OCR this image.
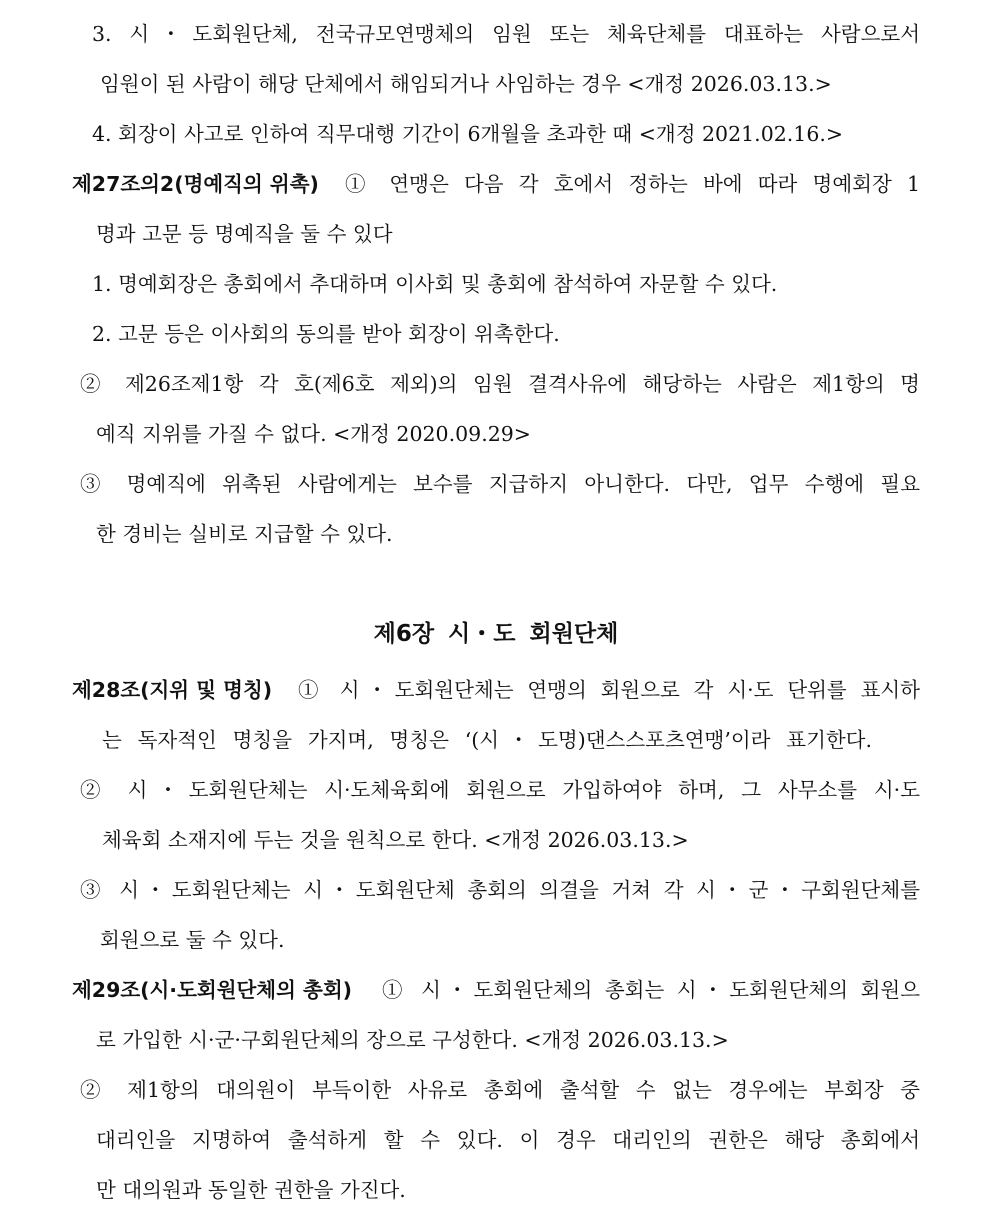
3. 시・도회원단체, 전국규모연맹체의 임원 또는 체육단체를 대표하는 사람으로서
임원이 된 사람이 해당 단체에서 해임되거나 사임하는 경우 <개정 2026.03.13.>
4. 회장이 사고로 인하여 직무대행 기간이 6개월을 초과한 때 <개정 2021.02.16.>
제27조의2(명예직의 위촉) ① 연맹은 다음 각 호에서 정하는 바에 따라 명예회장 1
명과 고문 등 명예직을 둘 수 있다
1. 명예회장은 총회에서 추대하며 이사회 및 총회에 참석하여 자문할 수 있다.
2. 고문 등은 이사회의 동의를 받아 회장이 위촉한다.
② 제26조제1항 각 호(제6호 제외)의 임원 결격사유에 해당하는 사람은 제1항의 명
예직 지위를 가질 수 없다. <개정 2020.09.29>
③ 명예직에 위촉된 사람에게는 보수를 지급하지 아니한다. 다만, 업무 수행에 필요
한 경비는 실비로 지급할 수 있다.
제6장 시・도 회원단체
제28조(지위 및 명칭) ① 시・도회원단체는 연맹의 회원으로 각 시·도 단위를 표시하
는 독자적인 명칭을 가지며, 명칭은 ‘(시・도명)댄스스포츠연맹’이라 표기한다.
② 시・도회원단체는 시·도체육회에 회원으로 가입하여야 하며, 그 사무소를 시·도
체육회 소재지에 두는 것을 원칙으로 한다. <개정 2026.03.13.>
③ 시・도회원단체는 시・도회원단체 총회의 의결을 거쳐 각 시・군・구회원단체를
회원으로 둘 수 있다.
제29조(시·도회원단체의 총회) ① 시・도회원단체의 총회는 시・도회원단체의 회원으
로 가입한 시·군·구회원단체의 장으로 구성한다. <개정 2026.03.13.>
② 제1항의 대의원이 부득이한 사유로 총회에 출석할 수 없는 경우에는 부회장 중
대리인을 지명하여 출석하게 할 수 있다. 이 경우 대리인의 권한은 해당 총회에서
만 대의원과 동일한 권한을 가진다.
